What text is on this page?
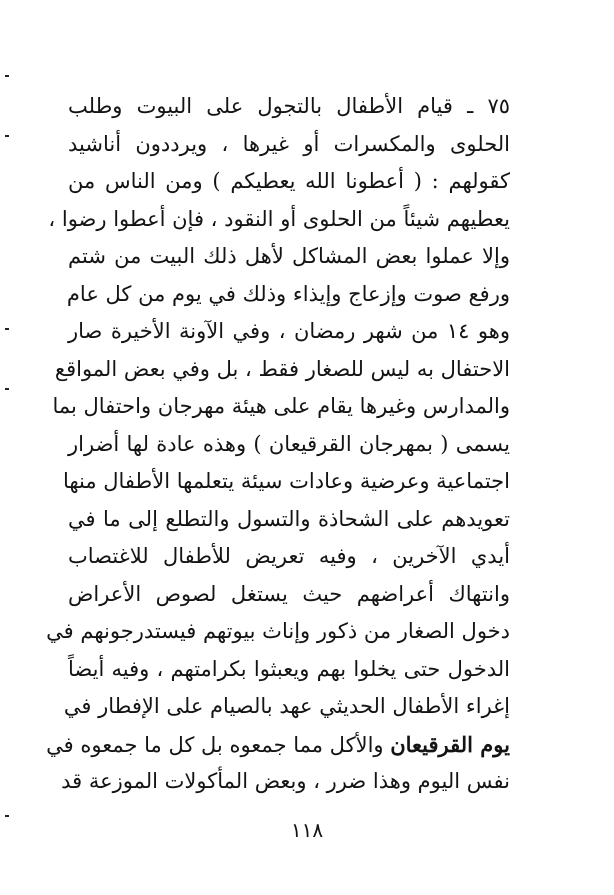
٧٥ ـ قيام الأطفال بالتجول على البيوت وطلب
الحلوى والمكسرات أو غيرها ، ويرددون أناشيد
كقولهم : ( أعطونا الله يعطيكم ) ومن الناس من
يعطيهم شيئاً من الحلوى أو النقود ، فإن أعطوا رضوا ،
وإلا عملوا بعض المشاكل لأهل ذلك البيت من شتم
ورفع صوت وإزعاج وإيذاء وذلك في يوم من كل عام
وهو ١٤ من شهر رمضان ، وفي الآونة الأخيرة صار
الاحتفال به ليس للصغار فقط ، بل وفي بعض المواقع
والمدارس وغيرها يقام على هيئة مهرجان واحتفال بما
يسمى ( بمهرجان القرقيعان ) وهذه عادة لها أضرار
اجتماعية وعرضية وعادات سيئة يتعلمها الأطفال منها
تعويدهم على الشحاذة والتسول والتطلع إلى ما في
أيدي الآخرين ، وفيه تعريض للأطفال للاغتصاب
وانتهاك أعراضهم حيث يستغل لصوص الأعراض
دخول الصغار من ذكور وإناث بيوتهم فيستدرجونهم في
الدخول حتى يخلوا بهم ويعبثوا بكرامتهم ، وفيه أيضاً
إغراء الأطفال الحديثي عهد بالصيام على الإفطار في
يوم القرقيعان والأكل مما جمعوه بل كل ما جمعوه في
نفس اليوم وهذا ضرر ، وبعض المأكولات الموزعة قد
١١٨
